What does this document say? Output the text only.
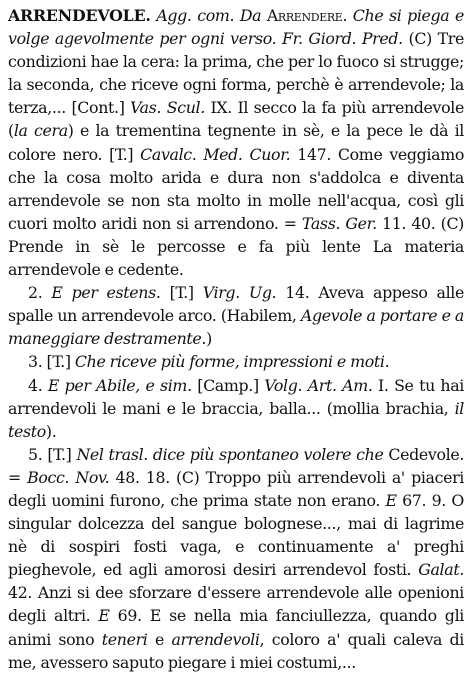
ARRENDEVOLE. Agg. com. Da Arrendere. Che si piega e volge agevolmente per ogni verso. Fr. Giord. Pred. (C) Tre condizioni hae la cera: la prima, che per lo fuoco si strugge; la seconda, che riceve ogni forma, perchè è arrendevole; la terza,... [Cont.] Vas. Scul. IX. Il secco la fa più arrendevole (la cera) e la trementina tegnente in sè, e la pece le dà il colore nero. [T.] Cavalc. Med. Cuor. 147. Come veggiamo che la cosa molto arida e dura non s'addolca e diventa arrendevole se non sta molto in molle nell'acqua, così gli cuori molto aridi non si arrendono. = Tass. Ger. 11. 40. (C) Prende in sè le percosse e fa più lente La materia arrendevole e cedente.

2. E per estens. [T.] Virg. Ug. 14. Aveva appeso alle spalle un arrendevole arco. (Habilem, Agevole a portare e a maneggiare destramente.)

3. [T.] Che riceve più forme, impressioni e moti.

4. E per Abile, e sim. [Camp.] Volg. Art. Am. I. Se tu hai arrendevoli le mani e le braccia, balla... (mollia brachia, il testo).

5. [T.] Nel trasl. dice più spontaneo volere che Cedevole. = Bocc. Nov. 48. 18. (C) Troppo più arrendevoli a' piaceri degli uomini furono, che prima state non erano. E 67. 9. O singular dolcezza del sangue bolognese..., mai di lagrime nè di sospiri fosti vaga, e continuamente a' preghi pieghevole, ed agli amorosi desiri arrendevol fosti. Galat. 42. Anzi si dee sforzare d'essere arrendevole alle openioni degli altri. E 69. E se nella mia fanciullezza, quando gli animi sono teneri e arrendevoli, coloro a' quali caleva di me, avessero saputo piegare i miei costumi,...
